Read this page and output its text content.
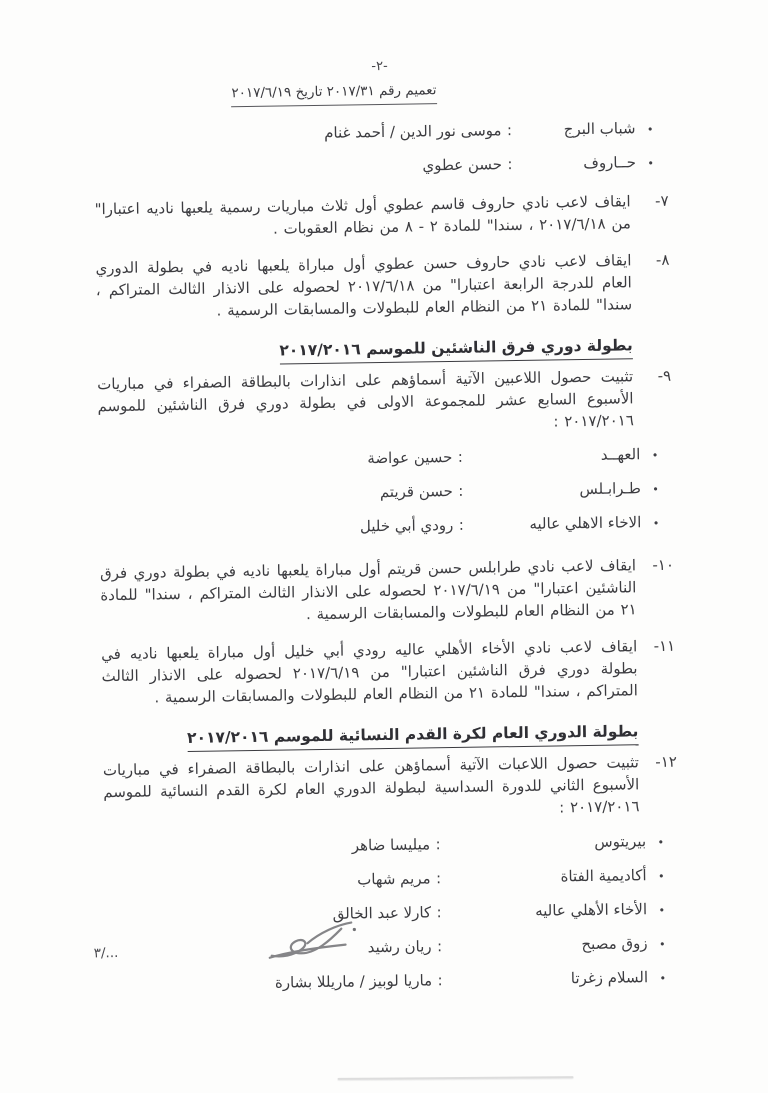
-٢-
تعميم رقم ٢٠١٧/٣١ تاريخ ٢٠١٧/٦/١٩
•
شباب البرج
:
موسى نور الدين / أحمد غنام
•
حــاروف
:
حسن عطوي
٧-
ايقاف لاعب نادي حاروف قاسم عطوي أول ثلاث مباريات رسمية يلعبها ناديه اعتبارا" من ٢٠١٧/٦/١٨ ، سندا" للمادة ٢ - ٨ من نظام العقوبات .
٨-
ايقاف لاعب نادي حاروف حسن عطوي أول مباراة يلعبها ناديه في بطولة الدوري العام للدرجة الرابعة اعتبارا" من ٢٠١٧/٦/١٨ لحصوله على الانذار الثالث المتراكم ، سندا" للمادة ٢١ من النظام العام للبطولات والمسابقات الرسمية .
بطولة دوري فرق الناشئين للموسم ٢٠١٧/٢٠١٦
٩-
تثبيت حصول اللاعبين الآتية أسماؤهم على انذارات بالبطاقة الصفراء في مباريات الأسبوع السابع عشر للمجموعة الاولى في بطولة دوري فرق الناشئين للموسم ٢٠١٧/٢٠١٦ :
•
العهــد
:
حسين عواضة
•
طـرابـلس
:
حسن قريتم
•
الاخاء الاهلي عاليه
:
رودي أبي خليل
١٠-
ايقاف لاعب نادي طرابلس حسن قريتم أول مباراة يلعبها ناديه في بطولة دوري فرق الناشئين اعتبارا" من ٢٠١٧/٦/١٩ لحصوله على الانذار الثالث المتراكم ، سندا" للمادة ٢١ من النظام العام للبطولات والمسابقات الرسمية .
١١-
ايقاف لاعب نادي الأخاء الأهلي عاليه رودي أبي خليل أول مباراة يلعبها ناديه في بطولة دوري فرق الناشئين اعتبارا" من ٢٠١٧/٦/١٩ لحصوله على الانذار الثالث المتراكم ، سندا" للمادة ٢١ من النظام العام للبطولات والمسابقات الرسمية .
بطولة الدوري العام لكرة القدم النسائية للموسم ٢٠١٧/٢٠١٦
١٢-
تثبيت حصول اللاعبات الآتية أسماؤهن على انذارات بالبطاقة الصفراء في مباريات الأسبوع الثاني للدورة السداسية لبطولة الدوري العام لكرة القدم النسائية للموسم ٢٠١٧/٢٠١٦ :
•
بيريتوس
:
ميليسا ضاهر
•
أكاديمية الفتاة
:
مريم شهاب
•
الأخاء الأهلي عاليه
:
كارلا عبد الخالق
•
زوق مصبح
:
ريان رشيد
•
السلام زغرتا
:
ماريا لوبيز / ماريللا بشارة
٣/...
